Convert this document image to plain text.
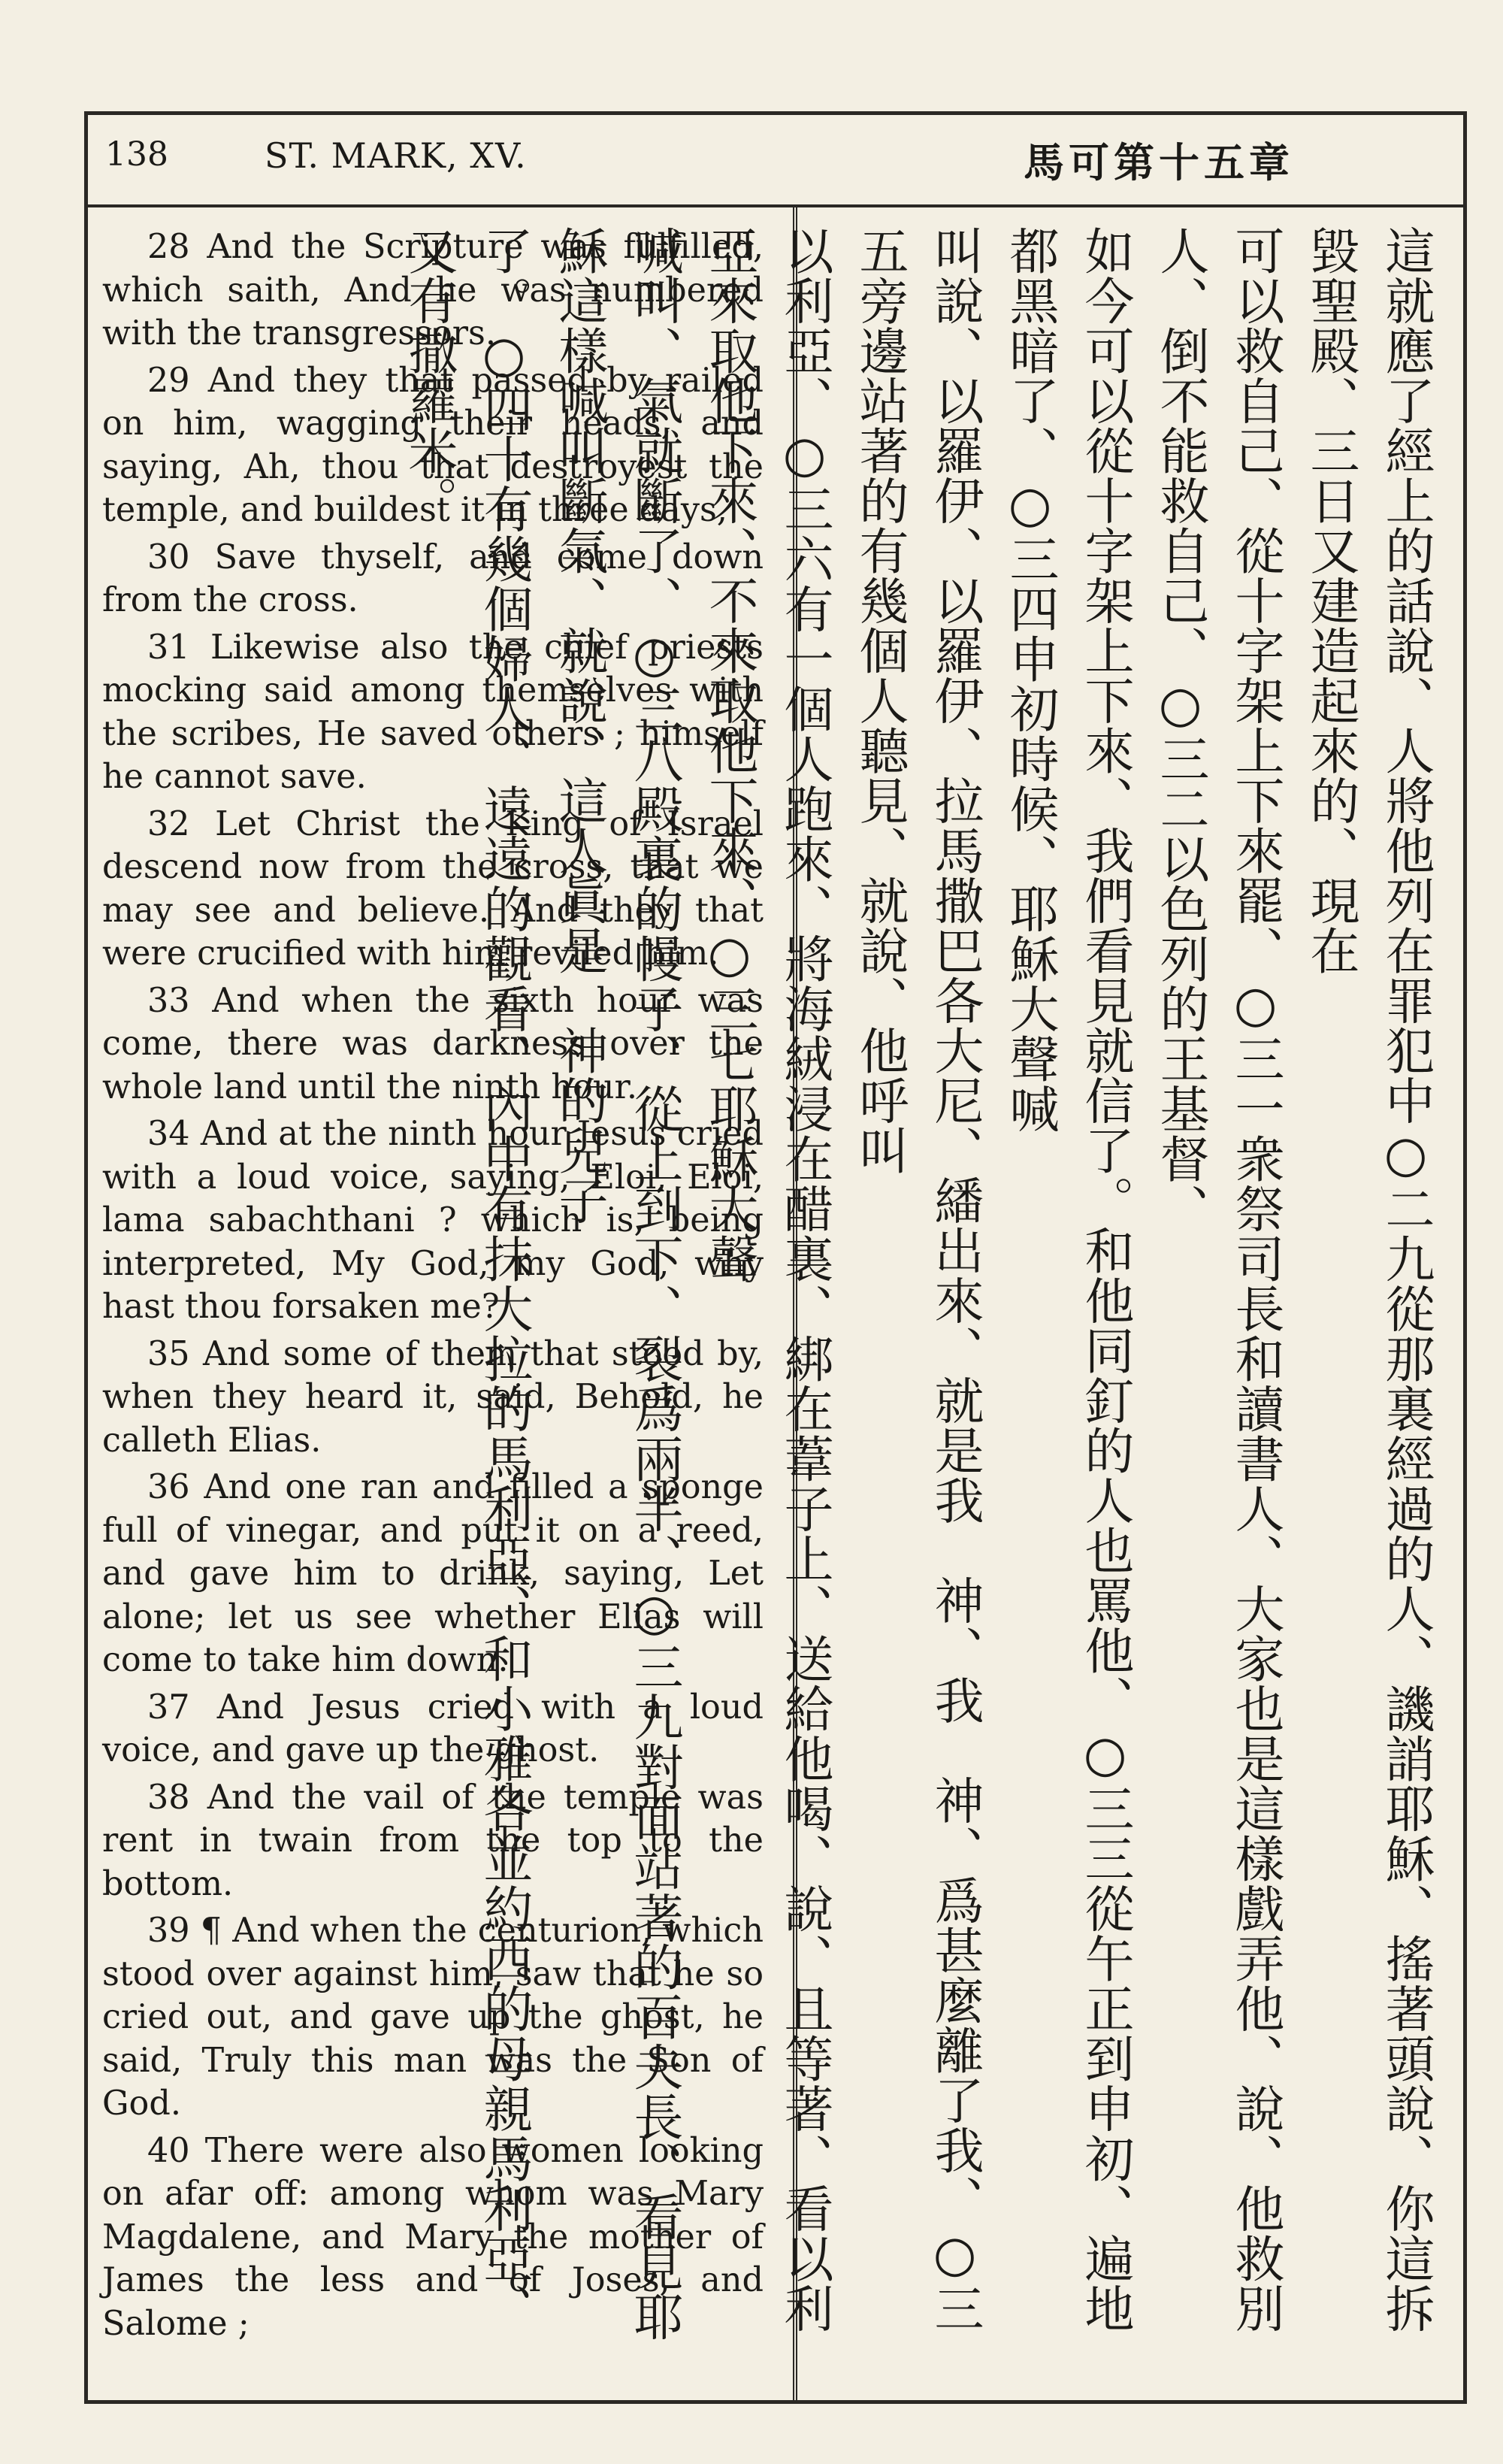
138	ST. MARK, XV.	馬可第十五章

28 And the Scripture was fulfilled, which saith, And he was numbered with the transgressors.

29 And they that passed by railed on him, wagging their heads, and saying, Ah, thou that destroyest the temple, and buildest it in three days,

30 Save thyself, and come down from the cross.

31 Likewise also the chief priests mocking said among themselves with the scribes, He saved others ; himself he cannot save.

32 Let Christ the King of Israel descend now from the cross, that we may see and believe. And they that were crucified with him reviled him.

33 And when the sixth hour was come, there was darkness over the whole land until the ninth hour.

34 And at the ninth hour Jesus cried with a loud voice, saying, Eloi, Eloi, lama sabachthani ? which is, being interpreted, My God, my God, why hast thou forsaken me?

35 And some of them that stood by, when they heard it, said, Behold, he calleth Elias.

36 And one ran and filled a sponge full of vinegar, and put it on a reed, and gave him to drink, saying, Let alone; let us see whether Elias will come to take him down.

37 And Jesus cried with a loud voice, and gave up the ghost.

38 And the vail of the temple was rent in twain from the top to the bottom.

39 ¶ And when the centurion, which stood over against him, saw that he so cried out, and gave up the ghost, he said, Truly this man was the Son of God.

40 There were also women looking on afar off: among whom was Mary Magdalene, and Mary the mother of James the less and of Joses, and Salome ;	這就應了經上的話說、人將他列在罪犯中○二九從那裏經過的人、譏誚耶穌、搖著頭說、你這拆毀聖殿、三日又建造起來的、現在
可以救自己、從十字架上下來罷、○三一衆祭司長和讀書人、大家也是這樣戲弄他、說、他救別人、倒不能救自己、○三二以色列的王基督、
如今可以從十字架上下來、我們看見就信了。和他同釘的人也罵他、○三三從午正到申初、遍地都黑暗了、○三四申初時候、耶穌大聲喊
叫說、以羅伊、以羅伊、拉馬撒巴各大尼、繙出來、就是我　神、我　神、爲甚麼離了我、○三五旁邊站著的有幾個人聽見、就說、他呼叫
以利亞、○三六有一個人跑來、將海絨浸在醋裏、綁在葦子上、送給他喝、說、且等著、看以利亞來取他下來、不來取他下來、○三七耶穌大聲
喊叫、氣就斷了、○三八殿裏的幔子、從上到下、裂爲兩半、○三九對面站著的百夫長、看見耶穌這樣喊叫斷氣、就說、這人眞是　神的兒子
了。○四十有幾個婦人、遠遠的觀看、內中有抹大拉的馬利亞、和小雅各並約西的母親馬利亞、又有撒羅米。
